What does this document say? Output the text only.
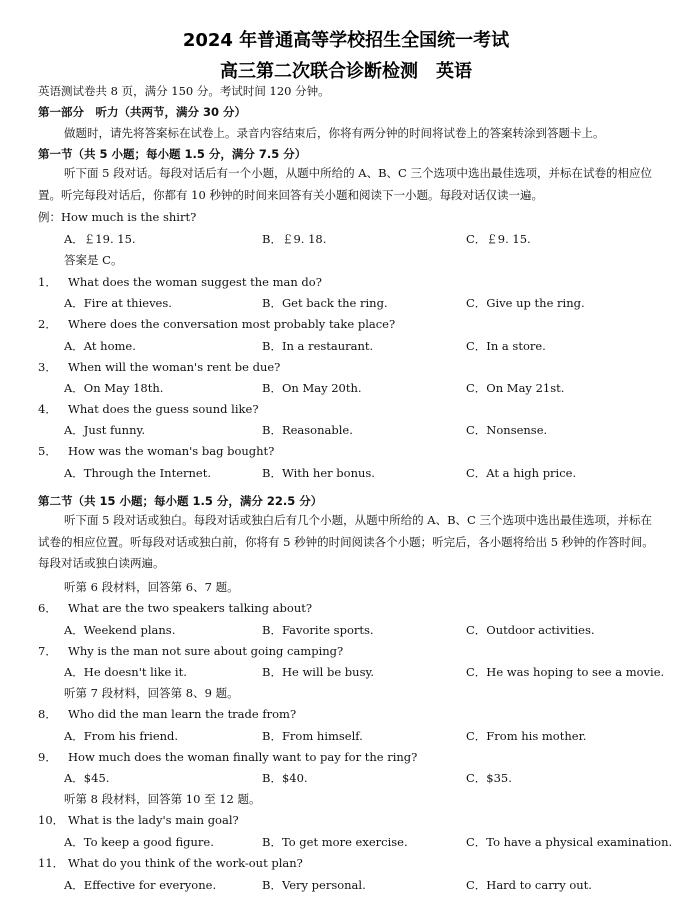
2024 年普通高等学校招生全国统一考试
高三第二次联合诊断检测　英语
英语测试卷共 8 页，满分 150 分。考试时间 120 分钟。
第一部分　听力（共两节，满分 30 分）
做题时，请先将答案标在试卷上。录音内容结束后，你将有两分钟的时间将试卷上的答案转涂到答题卡上。
第一节（共 5 小题；每小题 1.5 分，满分 7.5 分）
听下面 5 段对话。每段对话后有一个小题，从题中所给的 A、B、C 三个选项中选出最佳选项，并标在试卷的相应位置。听完每段对话后，你都有 10 秒钟的时间来回答有关小题和阅读下一小题。每段对话仅读一遍。
例：How much is the shirt?
A．￡19. 15.	B．￡9. 18.	C．￡9. 15.
答案是 C。
1． What does the woman suggest the man do?
A．Fire at thieves.	B．Get back the ring.	C．Give up the ring.
2． Where does the conversation most probably take place?
A．At home.	B．In a restaurant.	C．In a store.
3． When will the woman's rent be due?
A．On May 18th.	B．On May 20th.	C．On May 21st.
4． What does the guess sound like?
A．Just funny.	B．Reasonable.	C．Nonsense.
5． How was the woman's bag bought?
A．Through the Internet.	B．With her bonus.	C．At a high price.
第二节（共 15 小题；每小题 1.5 分，满分 22.5 分）
听下面 5 段对话或独白。每段对话或独白后有几个小题，从题中所给的 A、B、C 三个选项中选出最佳选项，并标在试卷的相应位置。听每段对话或独白前，你将有 5 秒钟的时间阅读各个小题；听完后，各小题将给出 5 秒钟的作答时间。每段对话或独白读两遍。
听第 6 段材料，回答第 6、7 题。
6． What are the two speakers talking about?
A．Weekend plans.	B．Favorite sports.	C．Outdoor activities.
7． Why is the man not sure about going camping?
A．He doesn't like it.	B．He will be busy.	C．He was hoping to see a movie.
听第 7 段材料，回答第 8、9 题。
8． Who did the man learn the trade from?
A．From his friend.	B．From himself.	C．From his mother.
9． How much does the woman finally want to pay for the ring?
A．$45.	B．$40.	C．$35.
听第 8 段材料，回答第 10 至 12 题。
10． What is the lady's main goal?
A．To keep a good figure.	B．To get more exercise.	C．To have a physical examination.
11． What do you think of the work-out plan?
A．Effective for everyone.	B．Very personal.	C．Hard to carry out.
